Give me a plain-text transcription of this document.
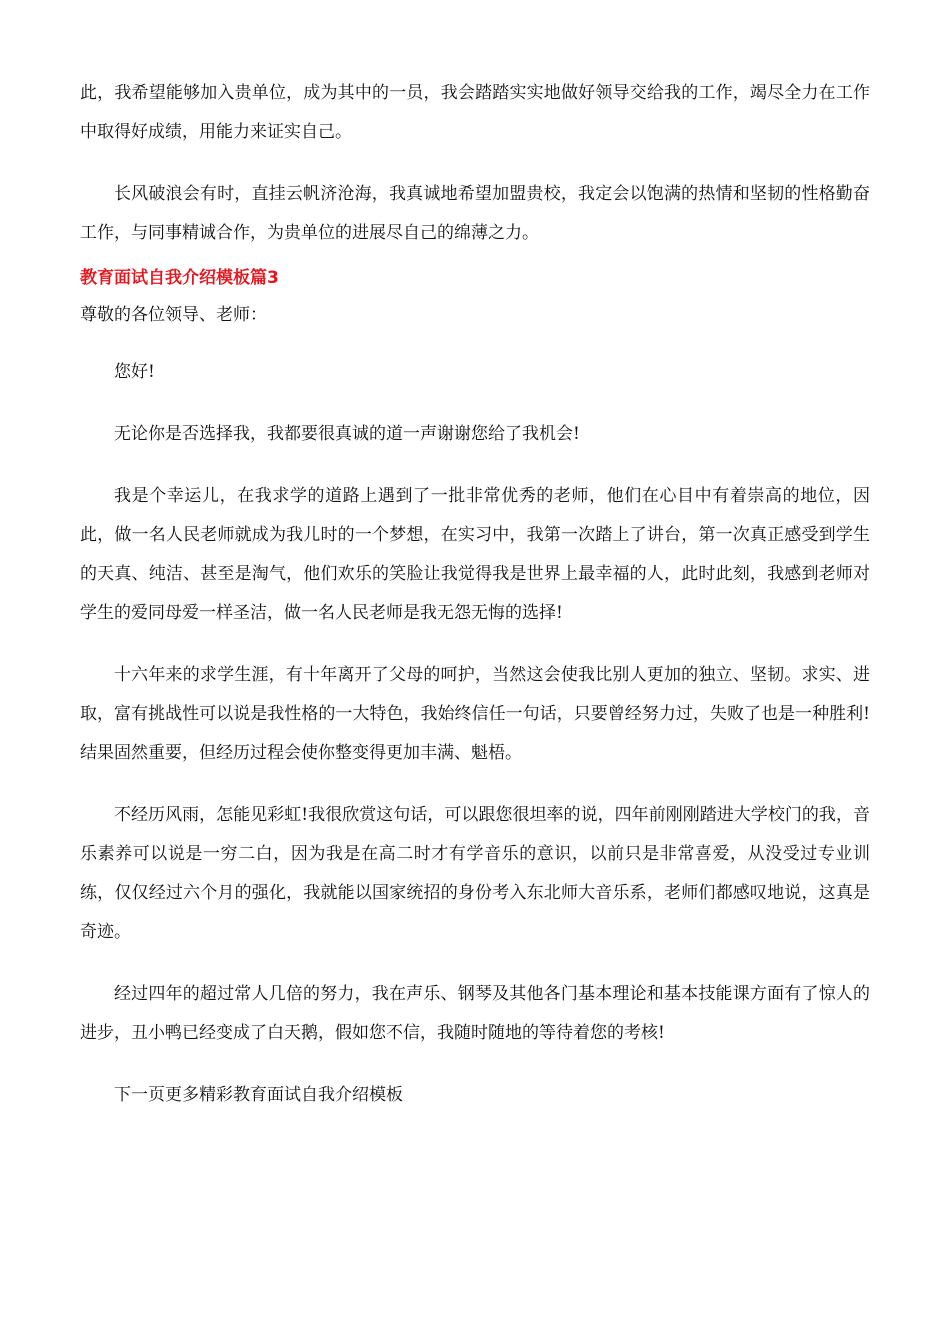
此，我希望能够加入贵单位，成为其中的一员，我会踏踏实实地做好领导交给我的工作，竭尽全力在工作中取得好成绩，用能力来证实自己。

长风破浪会有时，直挂云帆济沧海，我真诚地希望加盟贵校，我定会以饱满的热情和坚韧的性格勤奋工作，与同事精诚合作，为贵单位的进展尽自己的绵薄之力。

教育面试自我介绍模板篇3

尊敬的各位领导、老师：

您好!

无论你是否选择我，我都要很真诚的道一声谢谢您给了我机会!

我是个幸运儿，在我求学的道路上遇到了一批非常优秀的老师，他们在心目中有着崇高的地位，因此，做一名人民老师就成为我儿时的一个梦想，在实习中，我第一次踏上了讲台，第一次真正感受到学生的天真、纯洁、甚至是淘气，他们欢乐的笑脸让我觉得我是世界上最幸福的人，此时此刻，我感到老师对学生的爱同母爱一样圣洁，做一名人民老师是我无怨无悔的选择!

十六年来的求学生涯，有十年离开了父母的呵护，当然这会使我比别人更加的独立、坚韧。求实、进取，富有挑战性可以说是我性格的一大特色，我始终信任一句话，只要曾经努力过，失败了也是一种胜利!结果固然重要，但经历过程会使你整变得更加丰满、魁梧。

不经历风雨，怎能见彩虹!我很欣赏这句话，可以跟您很坦率的说，四年前刚刚踏进大学校门的我，音乐素养可以说是一穷二白，因为我是在高二时才有学音乐的意识，以前只是非常喜爱，从没受过专业训练，仅仅经过六个月的强化，我就能以国家统招的身份考入东北师大音乐系，老师们都感叹地说，这真是奇迹。

经过四年的超过常人几倍的努力，我在声乐、钢琴及其他各门基本理论和基本技能课方面有了惊人的进步，丑小鸭已经变成了白天鹅，假如您不信，我随时随地的等待着您的考核!

下一页更多精彩教育面试自我介绍模板
